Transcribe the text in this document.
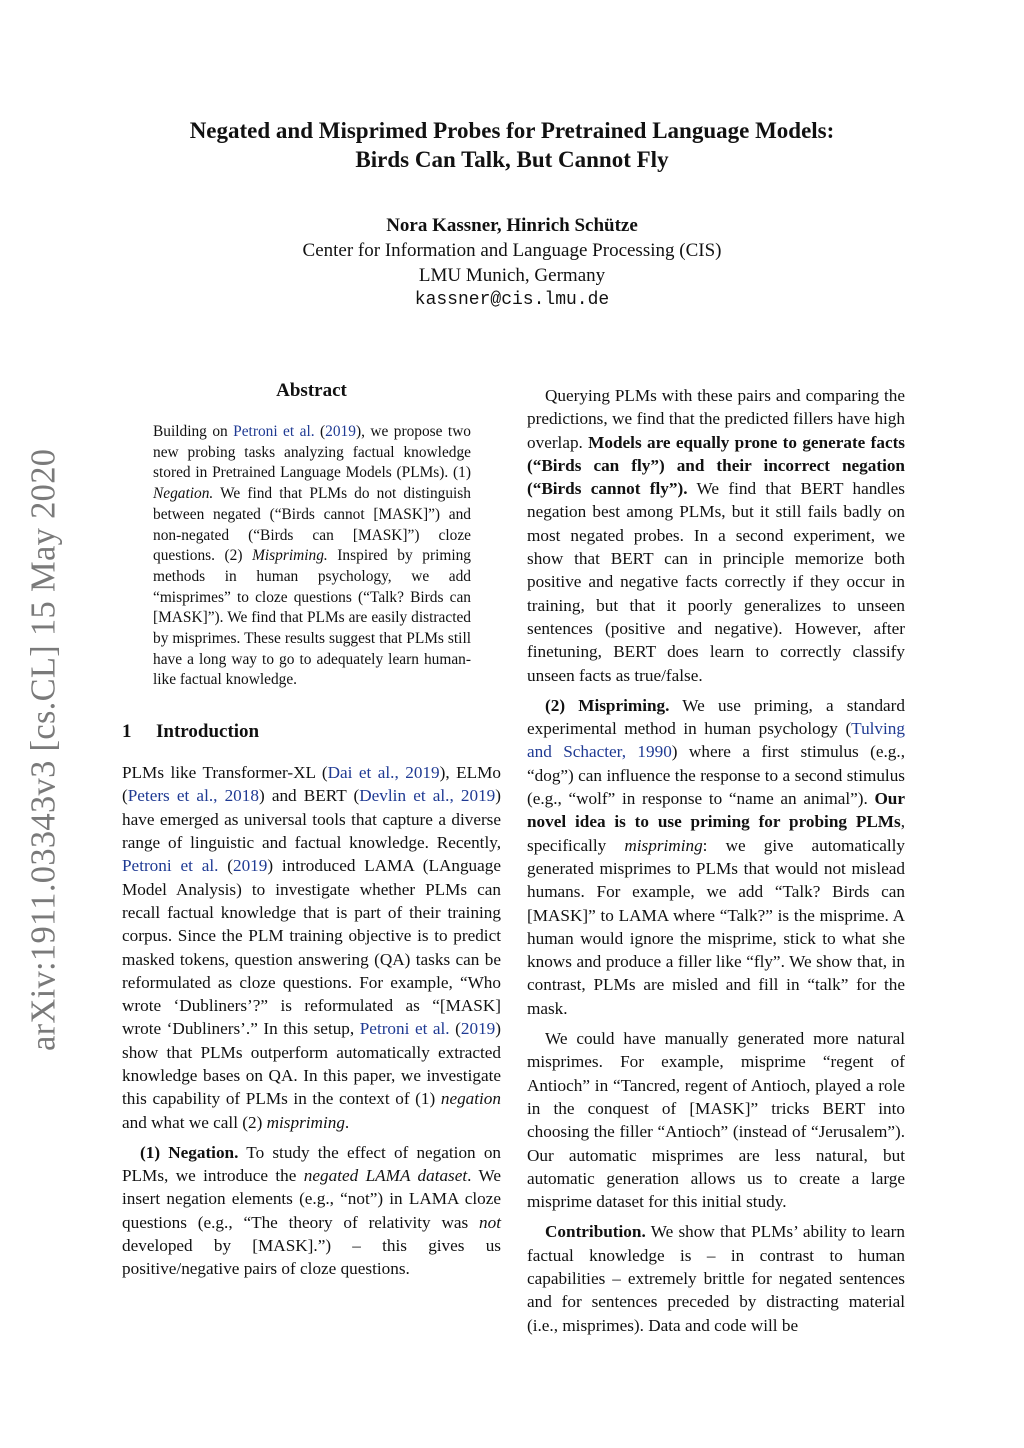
arXiv:1911.03343v3 [cs.CL] 15 May 2020
Negated and Misprimed Probes for Pretrained Language Models:
Birds Can Talk, But Cannot Fly
Nora Kassner, Hinrich Schütze
Center for Information and Language Processing (CIS)
LMU Munich, Germany
kassner@cis.lmu.de
Abstract
Building on Petroni et al. (2019), we propose two new probing tasks analyzing factual knowledge stored in Pretrained Language Models (PLMs). (1) Negation. We find that PLMs do not distinguish between negated (“Birds cannot [MASK]”) and non-negated (“Birds can [MASK]”) cloze questions. (2) Mispriming. Inspired by priming methods in human psychology, we add “misprimes” to cloze questions (“Talk? Birds can [MASK]”). We find that PLMs are easily distracted by misprimes. These results suggest that PLMs still have a long way to go to adequately learn human-like factual knowledge.
1 Introduction

PLMs like Transformer-XL (Dai et al., 2019), ELMo (Peters et al., 2018) and BERT (Devlin et al., 2019) have emerged as universal tools that capture a diverse range of linguistic and factual knowledge. Recently, Petroni et al. (2019) introduced LAMA (LAnguage Model Analysis) to investigate whether PLMs can recall factual knowledge that is part of their training corpus. Since the PLM training objective is to predict masked tokens, question answering (QA) tasks can be reformulated as cloze questions. For example, “Who wrote ‘Dubliners’?” is reformulated as “[MASK] wrote ‘Dubliners’.” In this setup, Petroni et al. (2019) show that PLMs outperform automatically extracted knowledge bases on QA. In this paper, we investigate this capability of PLMs in the context of (1) negation and what we call (2) mispriming.

(1) Negation. To study the effect of negation on PLMs, we introduce the negated LAMA dataset. We insert negation elements (e.g., “not”) in LAMA cloze questions (e.g., “The theory of relativity was not developed by [MASK].”) – this gives us positive/negative pairs of cloze questions.

Querying PLMs with these pairs and comparing the predictions, we find that the predicted fillers have high overlap. Models are equally prone to generate facts (“Birds can fly”) and their incorrect negation (“Birds cannot fly”). We find that BERT handles negation best among PLMs, but it still fails badly on most negated probes. In a second experiment, we show that BERT can in principle memorize both positive and negative facts correctly if they occur in training, but that it poorly generalizes to unseen sentences (positive and negative). However, after finetuning, BERT does learn to correctly classify unseen facts as true/false.

(2) Mispriming. We use priming, a standard experimental method in human psychology (Tulving and Schacter, 1990) where a first stimulus (e.g., “dog”) can influence the response to a second stimulus (e.g., “wolf” in response to “name an animal”). Our novel idea is to use priming for probing PLMs, specifically mispriming: we give automatically generated misprimes to PLMs that would not mislead humans. For example, we add “Talk? Birds can [MASK]” to LAMA where “Talk?” is the misprime. A human would ignore the misprime, stick to what she knows and produce a filler like “fly”. We show that, in contrast, PLMs are misled and fill in “talk” for the mask.

We could have manually generated more natural misprimes. For example, misprime “regent of Antioch” in “Tancred, regent of Antioch, played a role in the conquest of [MASK]” tricks BERT into choosing the filler “Antioch” (instead of “Jerusalem”). Our automatic misprimes are less natural, but automatic generation allows us to create a large misprime dataset for this initial study.

Contribution. We show that PLMs’ ability to learn factual knowledge is – in contrast to human capabilities – extremely brittle for negated sentences and for sentences preceded by distracting material (i.e., misprimes). Data and code will be
